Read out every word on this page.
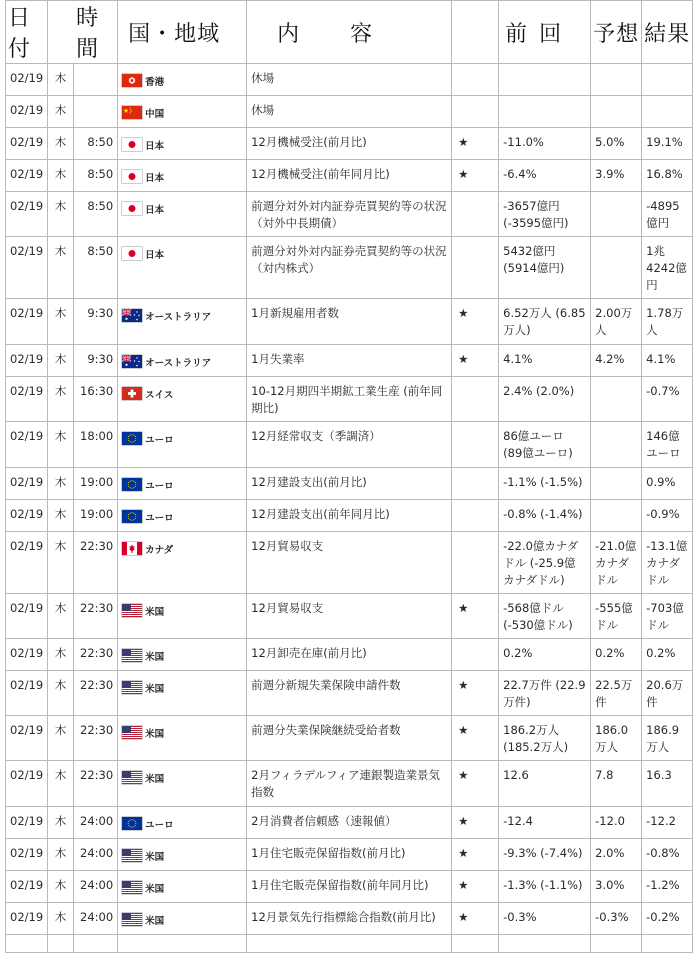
日付	時間		国・地域	内 容		前回	予想	結果
02/19	木		香港	休場				
02/19	木		中国	休場				
02/19	木	8:50	日本	12月機械受注(前月比)	★	-11.0%	5.0%	19.1%
02/19	木	8:50	日本	12月機械受注(前年同月比)	★	-6.4%	3.9%	16.8%
02/19	木	8:50	日本	前週分対外対内証券売買契約等の状況（対外中長期債）		-3657億円 (-3595億円)		-4895億円
02/19	木	8:50	日本	前週分対外対内証券売買契約等の状況（対内株式）		5432億円 (5914億円)		1兆4242億円
02/19	木	9:30	オーストラリア	1月新規雇用者数	★	6.52万人 (6.85万人)	2.00万人	1.78万人
02/19	木	9:30	オーストラリア	1月失業率	★	4.1%	4.2%	4.1%
02/19	木	16:30	スイス	10-12月期四半期鉱工業生産 (前年同期比)		2.4% (2.0%)		-0.7%
02/19	木	18:00	ユーロ	12月経常収支（季調済）		86億ユーロ (89億ユーロ)		146億ユーロ
02/19	木	19:00	ユーロ	12月建設支出(前月比)		-1.1% (-1.5%)		0.9%
02/19	木	19:00	ユーロ	12月建設支出(前年同月比)		-0.8% (-1.4%)		-0.9%
02/19	木	22:30	カナダ	12月貿易収支		-22.0億カナダドル (-25.9億カナダドル)	-21.0億カナダドル	-13.1億カナダドル
02/19	木	22:30	米国	12月貿易収支	★	-568億ドル (-530億ドル)	-555億ドル	-703億ドル
02/19	木	22:30	米国	12月卸売在庫(前月比)		0.2%	0.2%	0.2%
02/19	木	22:30	米国	前週分新規失業保険申請件数	★	22.7万件 (22.9万件)	22.5万件	20.6万件
02/19	木	22:30	米国	前週分失業保険継続受給者数	★	186.2万人 (185.2万人)	186.0万人	186.9万人
02/19	木	22:30	米国	2月フィラデルフィア連銀製造業景気指数	★	12.6	7.8	16.3
02/19	木	24:00	ユーロ	2月消費者信頼感（速報値）	★	-12.4	-12.0	-12.2
02/19	木	24:00	米国	1月住宅販売保留指数(前月比)	★	-9.3% (-7.4%)	2.0%	-0.8%
02/19	木	24:00	米国	1月住宅販売保留指数(前年同月比)	★	-1.3% (-1.1%)	3.0%	-1.2%
02/19	木	24:00	米国	12月景気先行指標総合指数(前月比)	★	-0.3%	-0.3%	-0.2%
